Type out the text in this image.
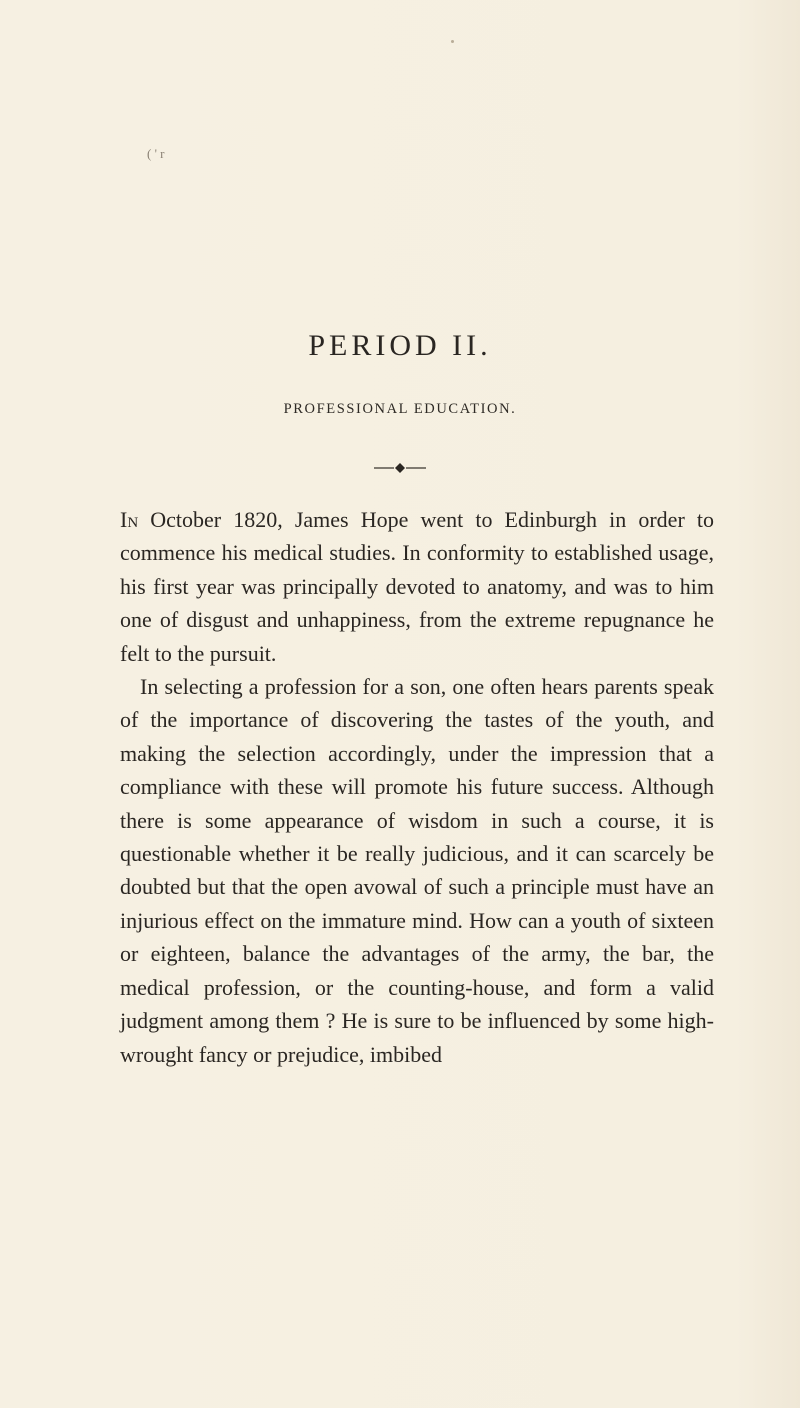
( ' r
PERIOD II.
PROFESSIONAL EDUCATION.

In October 1820, James Hope went to Edinburgh in order to commence his medical studies. In conformity to established usage, his first year was principally devoted to anatomy, and was to him one of disgust and unhappiness, from the extreme repugnance he felt to the pursuit.

In selecting a profession for a son, one often hears parents speak of the importance of discovering the tastes of the youth, and making the selection accordingly, under the impression that a compliance with these will promote his future success. Although there is some appearance of wisdom in such a course, it is questionable whether it be really judicious, and it can scarcely be doubted but that the open avowal of such a principle must have an injurious effect on the immature mind. How can a youth of sixteen or eighteen, balance the advantages of the army, the bar, the medical profession, or the counting-house, and form a valid judgment among them ? He is sure to be influenced by some high-wrought fancy or prejudice, imbibed
